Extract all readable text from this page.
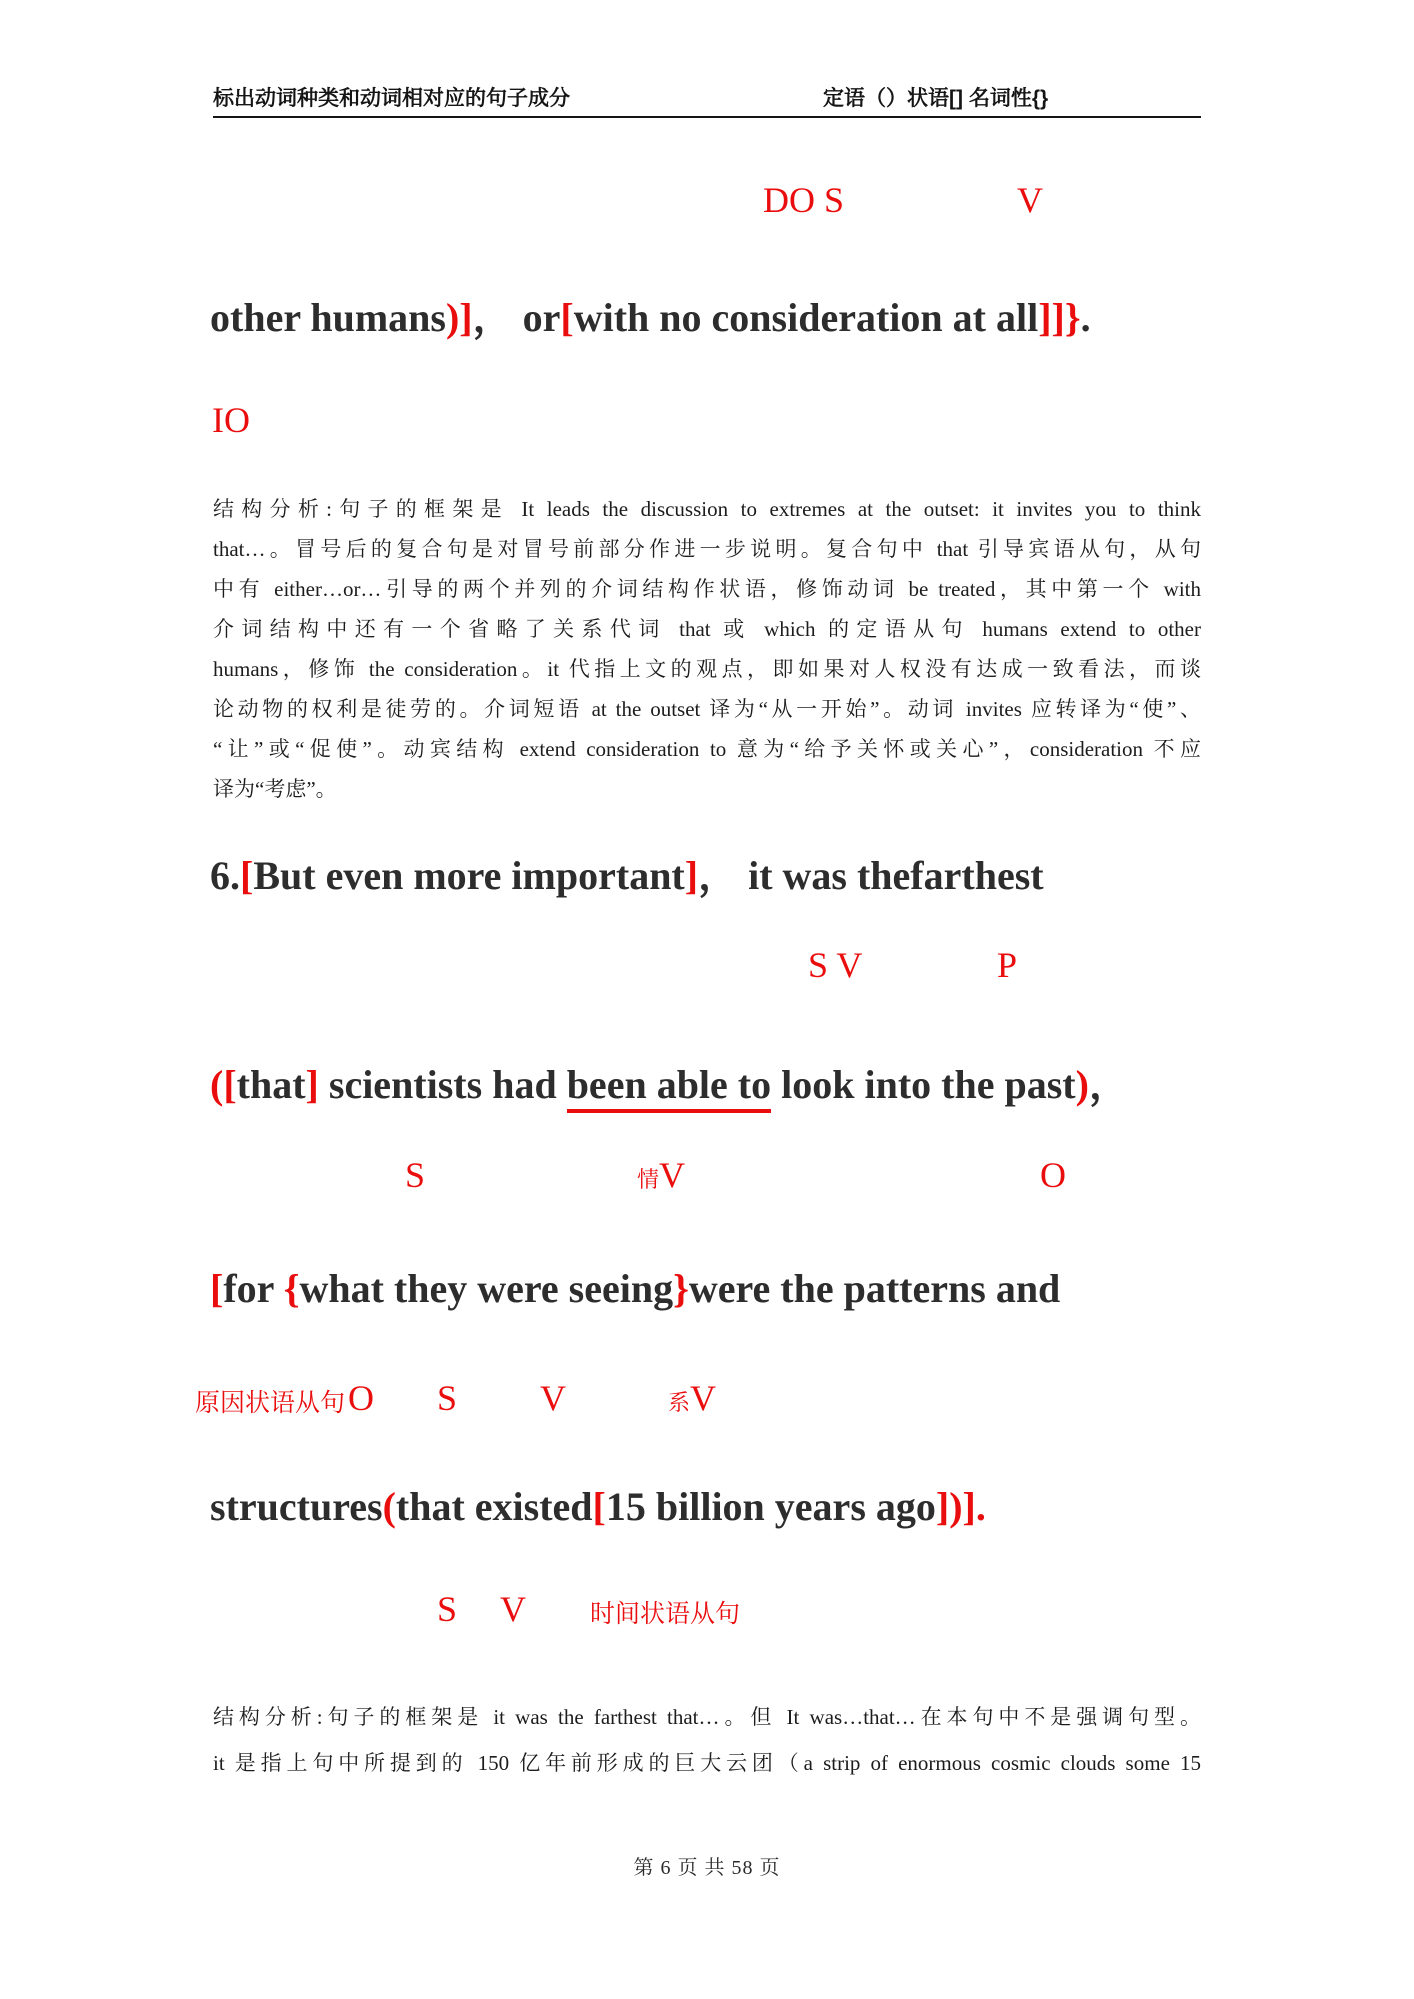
标出动词种类和动词相对应的句子成分	定语（）状语[] 名词性{}
DO S	V
other humans)]， or[with no consideration at all]]}.
IO
结构分析:句子的框架是 It leads the discussion to extremes at the outset: it invites you to think
that…。冒号后的复合句是对冒号前部分作进一步说明。复合句中 that 引导宾语从句，从句
中有 either…or…引导的两个并列的介词结构作状语，修饰动词 be treated，其中第一个 with
介词结构中还有一个省略了关系代词 that 或 which 的定语从句 humans extend to other
humans，修饰 the consideration。it 代指上文的观点，即如果对人权没有达成一致看法，而谈
论动物的权利是徒劳的。介词短语 at the outset 译为“从一开始”。动词 invites 应转译为“使”、
“让”或“促使”。动宾结构 extend consideration to 意为“给予关怀或关心”，consideration 不应
译为“考虑”。
6.[But even more important]， it was thefarthest
S V	P
([that] scientists had been able to look into the past)，
S	情V	O
[for {what they were seeing}were the patterns and
原因状语从句 O S V	系V
structures(that existed[15 billion years ago])].
S V	时间状语从句
结构分析:句子的框架是 it was the farthest that…。但 It was…that…在本句中不是强调句型。
it 是指上句中所提到的 150 亿年前形成的巨大云团（a strip of enormous cosmic clouds some 15
第 6 页 共 58 页
